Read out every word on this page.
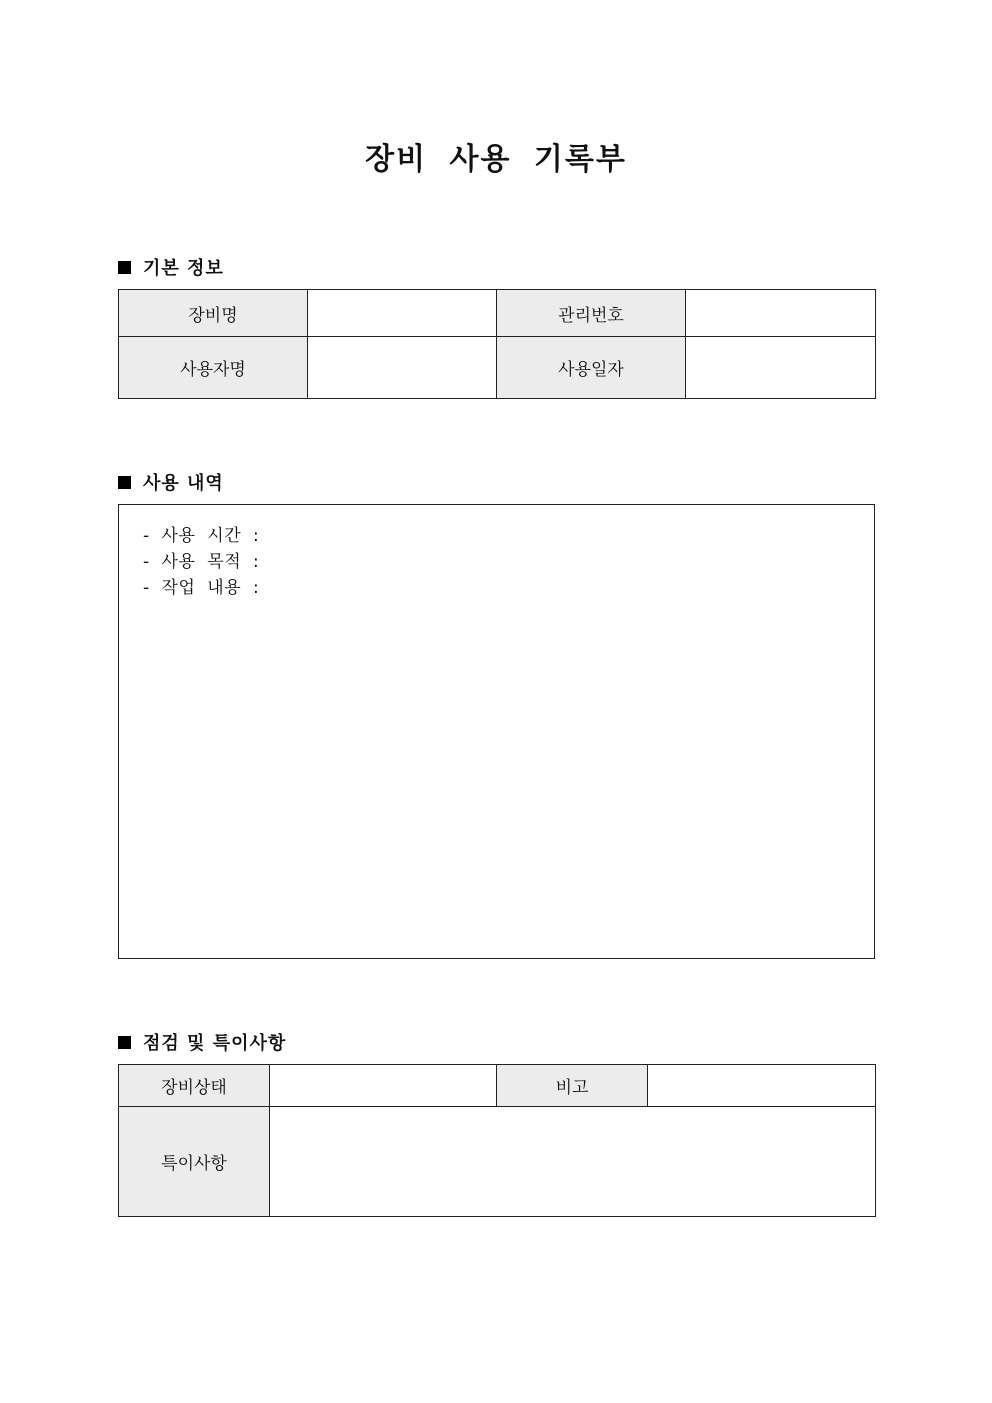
장비 사용 기록부
기본 정보
장비명		관리번호	
사용자명		사용일자	
사용 내역
- 사용 시간 :
- 사용 목적 :
- 작업 내용 :
점검 및 특이사항
장비상태		비고	
특이사항			
